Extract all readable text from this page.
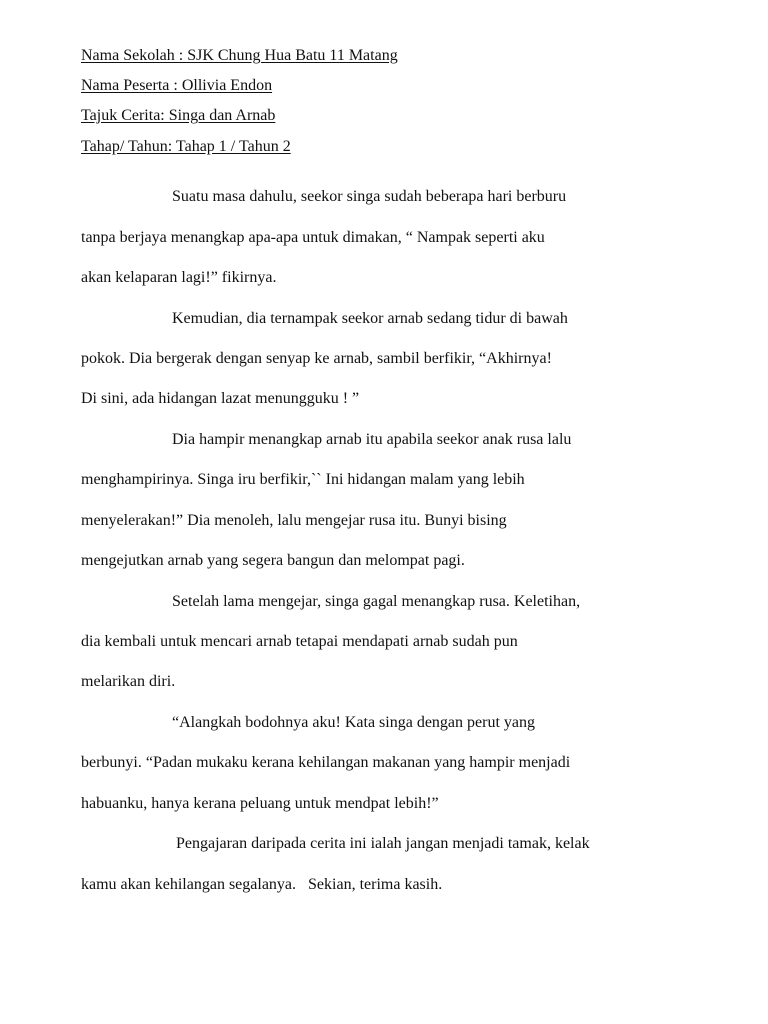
Nama Sekolah : SJK Chung Hua Batu 11 Matang
Nama Peserta : Ollivia Endon
Tajuk Cerita: Singa dan Arnab
Tahap/ Tahun: Tahap 1 / Tahun 2
Suatu masa dahulu, seekor singa sudah beberapa hari berburu
tanpa berjaya menangkap apa-apa untuk dimakan, “ Nampak seperti aku
akan kelaparan lagi!” fikirnya.
Kemudian, dia ternampak seekor arnab sedang tidur di bawah
pokok. Dia bergerak dengan senyap ke arnab, sambil berfikir, “Akhirnya!
Di sini, ada hidangan lazat menungguku ! ”
Dia hampir menangkap arnab itu apabila seekor anak rusa lalu
menghampirinya. Singa iru berfikir,`` Ini hidangan malam yang lebih
menyelerakan!” Dia menoleh, lalu mengejar rusa itu. Bunyi bising
mengejutkan arnab yang segera bangun dan melompat pagi.
Setelah lama mengejar, singa gagal menangkap rusa. Keletihan,
dia kembali untuk mencari arnab tetapai mendapati arnab sudah pun
melarikan diri.
“Alangkah bodohnya aku! Kata singa dengan perut yang
berbunyi. “Padan mukaku kerana kehilangan makanan yang hampir menjadi
habuanku, hanya kerana peluang untuk mendpat lebih!”
Pengajaran daripada cerita ini ialah jangan menjadi tamak, kelak
kamu akan kehilangan segalanya.   Sekian, terima kasih.
